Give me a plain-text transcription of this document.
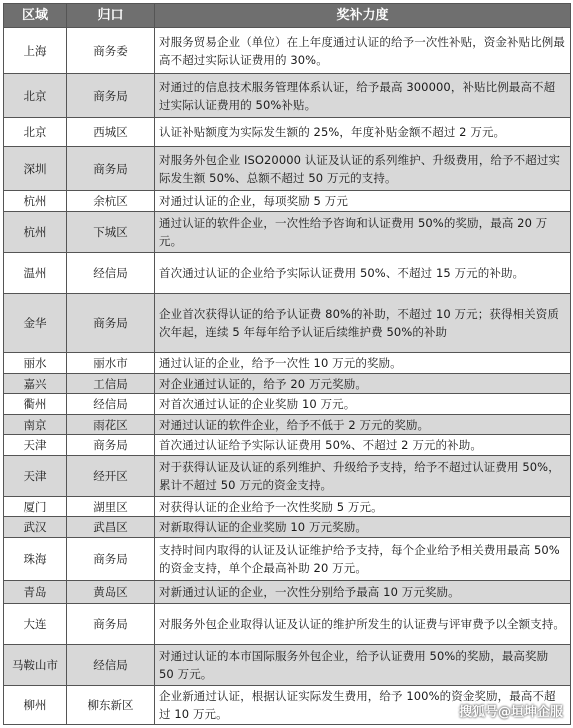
区域	归口	奖补力度
上海	商务委	对服务贸易企业（单位）在上年度通过认证的给予一次性补贴，资金补贴比例最高不超过实际认证费用的 30%。
北京	商务局	对通过的信息技术服务管理体系认证，给予最高 300000，补贴比例最高不超过实际认证费用的 50%补贴。
北京	西城区	认证补贴额度为实际发生额的 25%，年度补贴金额不超过 2 万元。
深圳	商务局	对服务外包企业 ISO20000 认证及认证的系列维护、升级费用，给予不超过实际发生额 50%、总额不超过 50 万元的支持。
杭州	余杭区	对通过认证的企业，每项奖励 5 万元
杭州	下城区	通过认证的软件企业，一次性给予咨询和认证费用 50%的奖励，最高 20 万元。
温州	经信局	首次通过认证的企业给予实际认证费用 50%、不超过 15 万元的补助。
金华	商务局	企业首次获得认证的给予认证费 80%的补助，不超过 10 万元；获得相关资质次年起，连续 5 年每年给予认证后续维护费 50%的补助
丽水	丽水市	通过认证的企业，给予一次性 10 万元的奖励。
嘉兴	工信局	对企业通过认证的，给予 20 万元奖励。
衢州	经信局	对首次通过认证的企业奖励 10 万元。
南京	雨花区	对通过认证的软件企业，给予不低于 2 万元的奖励。
天津	商务局	首次通过认证给予实际认证费用 50%、不超过 2 万元的补助。
天津	经开区	对于获得认证及认证的系列维护、升级给予支持，给予不超过认证费用 50%，累计不超过 50 万元的资金支持。
厦门	湖里区	对获得认证的企业给予一次性奖励 5 万元。
武汉	武昌区	对新取得认证的企业奖励 10 万元奖励。
珠海	商务局	支持时间内取得的认证及认证维护给予支持，每个企业给予相关费用最高 50%的资金支持，单个企最高补助 20 万元。
青岛	黄岛区	对新通过认证的企业，一次性分别给予最高 10 万元奖励。
大连	商务局	对服务外包企业取得认证及认证的维护所发生的认证费与评审费予以全额支持。
马鞍山市	经信局	对通过认证的本市国际服务外包企业，给予认证费用 50%的奖励，最高奖励 50 万元。
柳州	柳东新区	企业新通过认证，根据认证实际发生费用，给予 100%的资金奖励，最高不超过 10 万元。	搜狐号@垣坤企服
